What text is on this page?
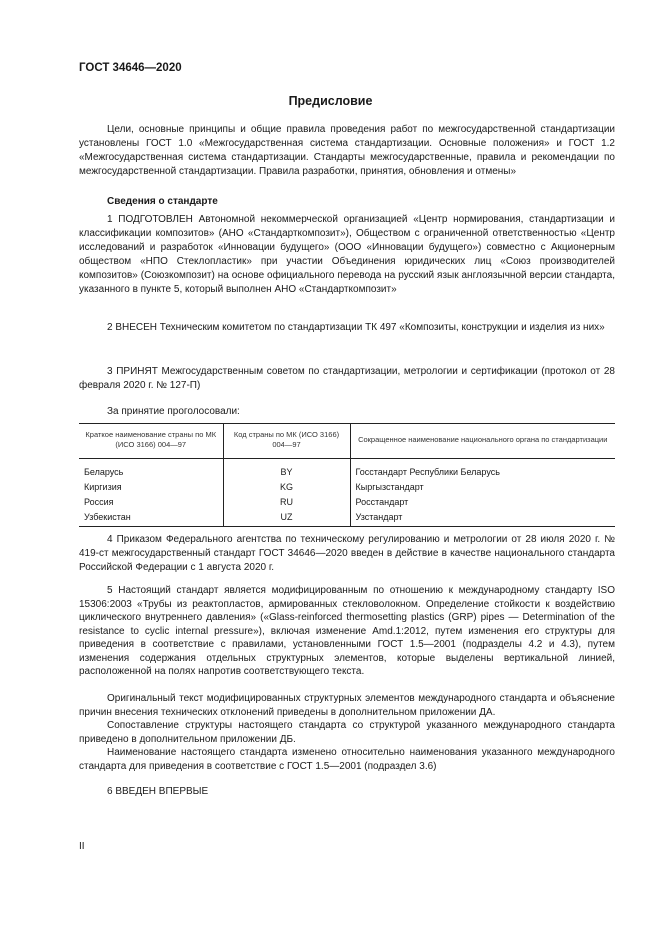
ГОСТ 34646—2020
Предисловие

Цели, основные принципы и общие правила проведения работ по межгосударственной стандартизации установлены ГОСТ 1.0 «Межгосударственная система стандартизации. Основные положения» и ГОСТ 1.2 «Межгосударственная система стандартизации. Стандарты межгосударственные, правила и рекомендации по межгосударственной стандартизации. Правила разработки, принятия, обновления и отмены»

Сведения о стандарте

1 ПОДГОТОВЛЕН Автономной некоммерческой организацией «Центр нормирования, стандартизации и классификации композитов» (АНО «Стандарткомпозит»), Обществом с ограниченной ответственностью «Центр исследований и разработок «Инновации будущего» (ООО «Инновации будущего») совместно с Акционерным обществом «НПО Стеклопластик» при участии Объединения юридических лиц «Союз производителей композитов» (Союзкомпозит) на основе официального перевода на русский язык англоязычной версии стандарта, указанного в пункте 5, который выполнен АНО «Стандарткомпозит»

2 ВНЕСЕН Техническим комитетом по стандартизации ТК 497 «Композиты, конструкции и изделия из них»

3 ПРИНЯТ Межгосударственным советом по стандартизации, метрологии и сертификации (протокол от 28 февраля 2020 г. № 127-П)

За принятие проголосовали:
Краткое наименование страны по МК (ИСО 3166) 004—97	Код страны по МК (ИСО 3166) 004—97	Сокращенное наименование национального органа по стандартизации
Беларусь	BY	Госстандарт Республики Беларусь
Киргизия	KG	Кыргызстандарт
Россия	RU	Росстандарт
Узбекистан	UZ	Узстандарт

4 Приказом Федерального агентства по техническому регулированию и метрологии от 28 июля 2020 г. № 419-ст межгосударственный стандарт ГОСТ 34646—2020 введен в действие в качестве национального стандарта Российской Федерации с 1 августа 2020 г.

5 Настоящий стандарт является модифицированным по отношению к международному стандарту ISO 15306:2003 «Трубы из реактопластов, армированных стекловолокном. Определение стойкости к воздействию циклического внутреннего давления» («Glass-reinforced thermosetting plastics (GRP) pipes — Determination of the resistance to cyclic internal pressure»), включая изменение Amd.1:2012, путем изменения его структуры для приведения в соответствие с правилами, установленными ГОСТ 1.5—2001 (подразделы 4.2 и 4.3), путем изменения содержания отдельных структурных элементов, которые выделены вертикальной линией, расположенной на полях напротив соответствующего текста.

Оригинальный текст модифицированных структурных элементов международного стандарта и объяснение причин внесения технических отклонений приведены в дополнительном приложении ДА.

Сопоставление структуры настоящего стандарта со структурой указанного международного стандарта приведено в дополнительном приложении ДБ.

Наименование настоящего стандарта изменено относительно наименования указанного международного стандарта для приведения в соответствие с ГОСТ 1.5—2001 (подраздел 3.6)

6 ВВЕДЕН ВПЕРВЫЕ

II
